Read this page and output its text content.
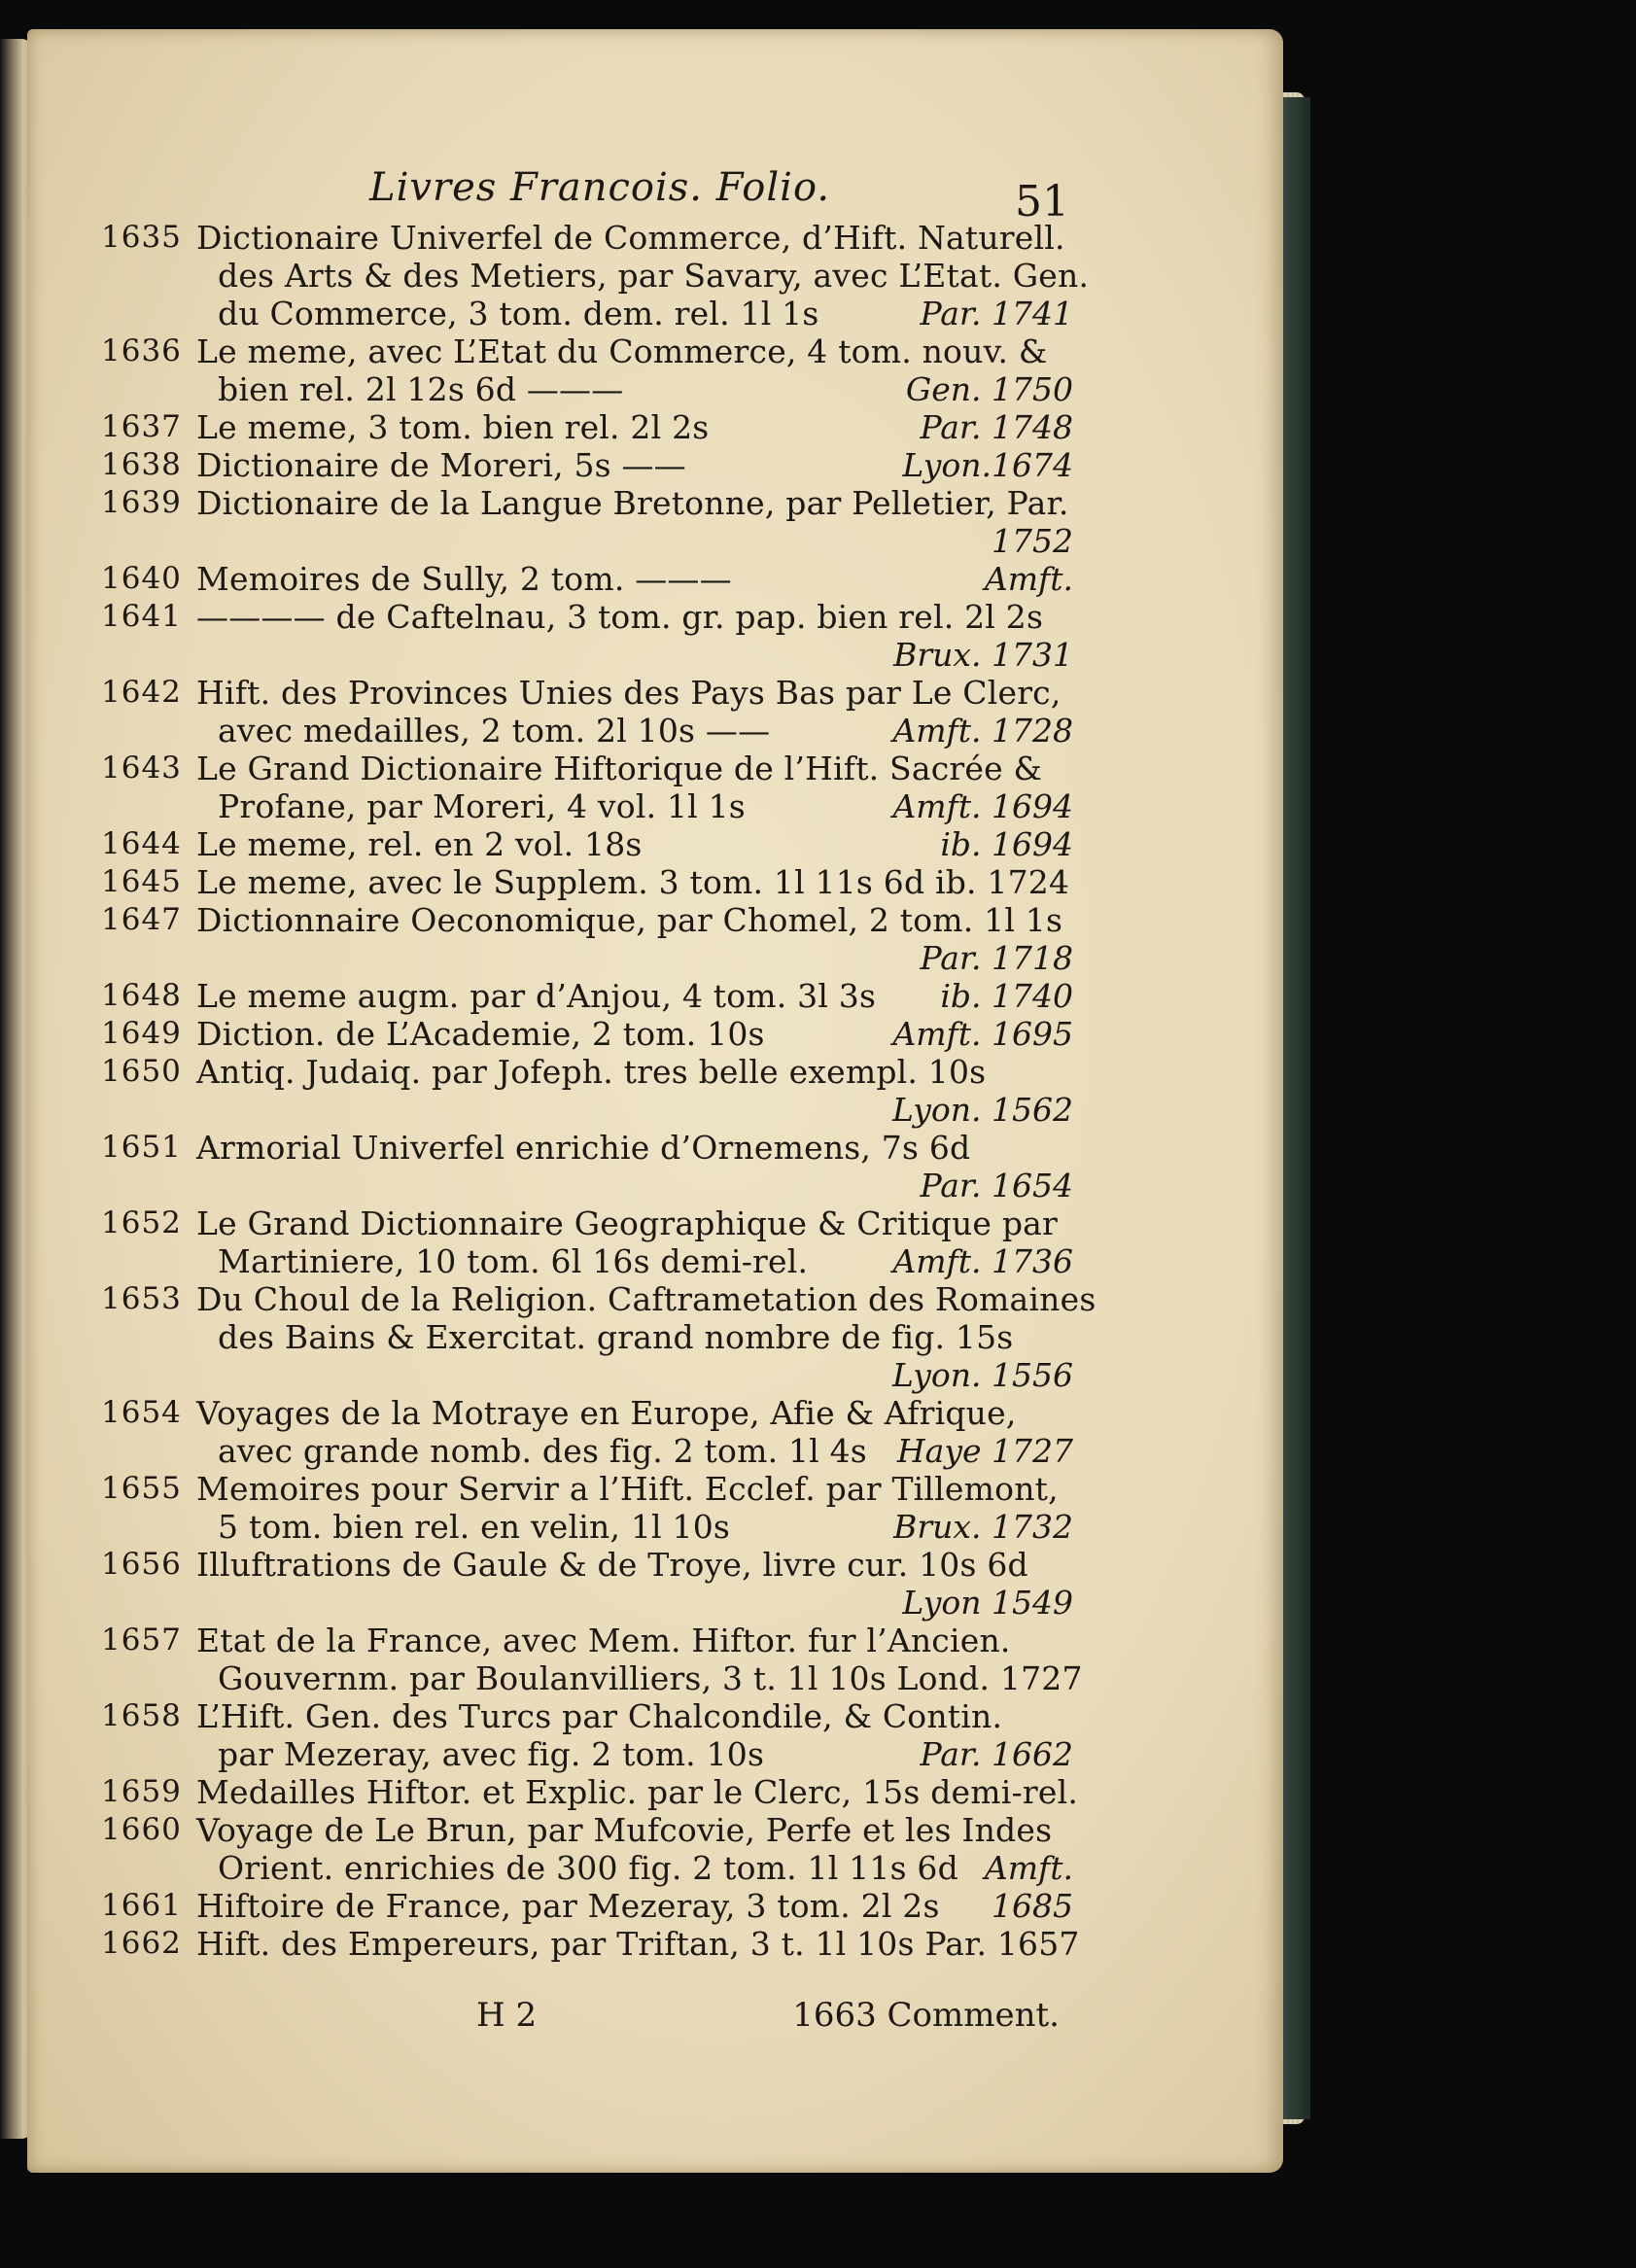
Livres Francois. Folio.	51
1635 Dictionaire Univerfel de Commerce, d’Hift. Naturell.
des Arts & des Metiers, par Savary, avec L’Etat. Gen.
du Commerce, 3 tom. dem. rel. 1l 1s	Par. 1741
1636 Le meme, avec L’Etat du Commerce, 4 tom. nouv. &
bien rel. 2l 12s 6d ———	Gen. 1750
1637 Le meme, 3 tom. bien rel. 2l 2s	Par. 1748
1638 Dictionaire de Moreri, 5s ——	Lyon.1674
1639 Dictionaire de la Langue Bretonne, par Pelletier, Par.
1752
1640 Memoires de Sully, 2 tom. ———	Amft.
1641 ———— de Caftelnau, 3 tom. gr. pap. bien rel. 2l 2s
Brux. 1731
1642 Hift. des Provinces Unies des Pays Bas par Le Clerc,
avec medailles, 2 tom. 2l 10s ——	Amft. 1728
1643 Le Grand Dictionaire Hiftorique de l’Hift. Sacrée &
Profane, par Moreri, 4 vol. 1l 1s	Amft. 1694
1644 Le meme, rel. en 2 vol. 18s	ib. 1694
1645 Le meme, avec le Supplem. 3 tom. 1l 11s 6d ib. 1724
1647 Dictionnaire Oeconomique, par Chomel, 2 tom. 1l 1s
Par. 1718
1648 Le meme augm. par d’Anjou, 4 tom. 3l 3s	ib. 1740
1649 Diction. de L’Academie, 2 tom. 10s	Amft. 1695
1650 Antiq. Judaiq. par Jofeph. tres belle exempl. 10s
Lyon. 1562
1651 Armorial Univerfel enrichie d’Ornemens, 7s 6d
Par. 1654
1652 Le Grand Dictionnaire Geographique & Critique par
Martiniere, 10 tom. 6l 16s demi-rel.	Amft. 1736
1653 Du Choul de la Religion. Caftrametation des Romaines
des Bains & Exercitat. grand nombre de fig. 15s
Lyon. 1556
1654 Voyages de la Motraye en Europe, Afie & Afrique,
avec grande nomb. des fig. 2 tom. 1l 4s Haye 1727
1655 Memoires pour Servir a l’Hift. Ecclef. par Tillemont,
5 tom. bien rel. en velin, 1l 10s	Brux. 1732
1656 Illuftrations de Gaule & de Troye, livre cur. 10s 6d
Lyon 1549
1657 Etat de la France, avec Mem. Hiftor. fur l’Ancien.
Gouvernm. par Boulanvilliers, 3 t. 1l 10s Lond. 1727
1658 L’Hift. Gen. des Turcs par Chalcondile, & Contin.
par Mezeray, avec fig. 2 tom. 10s	Par. 1662
1659 Medailles Hiftor. et Explic. par le Clerc, 15s demi-rel.
1660 Voyage de Le Brun, par Mufcovie, Perfe et les Indes
Orient. enrichies de 300 fig. 2 tom. 1l 11s 6d Amft.
1661 Hiftoire de France, par Mezeray, 3 tom. 2l 2s	1685
1662 Hift. des Empereurs, par Triftan, 3 t. 1l 10s Par. 1657
H 2	1663 Comment.
